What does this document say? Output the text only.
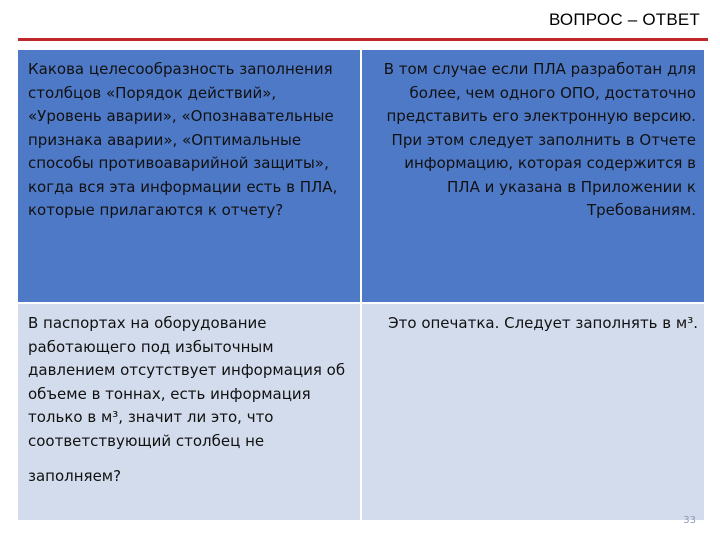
ВОПРОС – ОТВЕТ
Какова целесообразность заполнения столбцов «Порядок действий», «Уровень аварии», «Опознавательные признака аварии», «Оптимальные способы противоаварийной защиты», когда вся эта информации есть в ПЛА, которые прилагаются к отчету?
В том случае если ПЛА разработан для более, чем одного ОПО, достаточно представить его электронную версию. При этом следует заполнить в Отчете информацию, которая содержится в ПЛА и указана в Приложении к Требованиям.
В паспортах на оборудование работающего под избыточным давлением отсутствует информация об объеме в тоннах, есть информация только в м³, значит ли это, что соответствующий столбец не
заполняем?
Это опечатка. Следует заполнять в м³.
33
